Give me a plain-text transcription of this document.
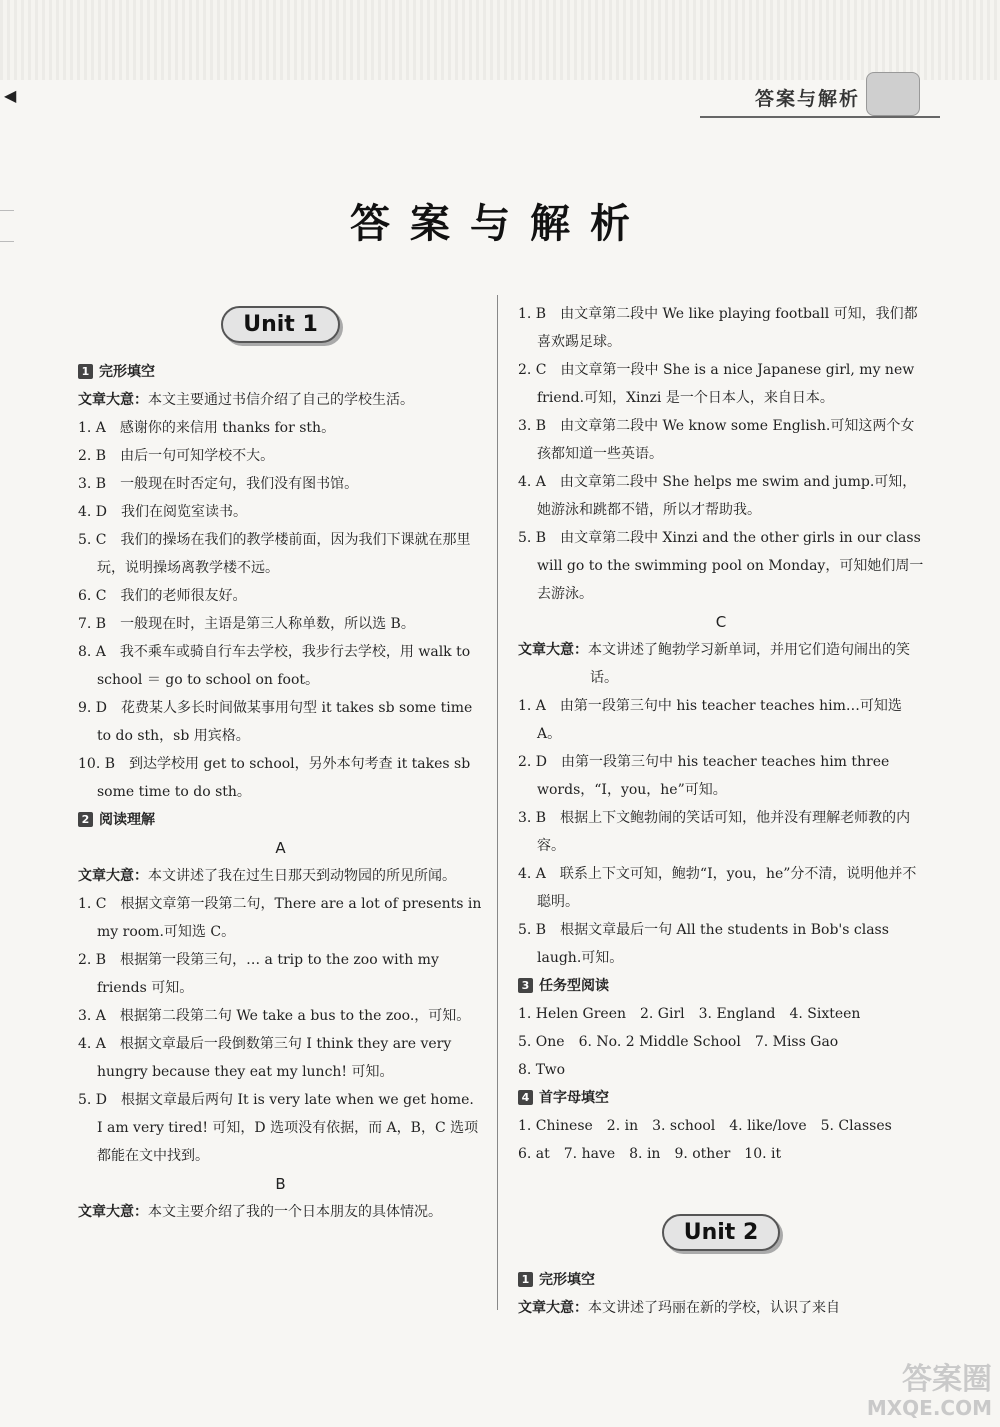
◀	答案与解析
答案与解析
Unit 1
1 完形填空
文章大意：本文主要通过书信介绍了自己的学校生活。
1. A　感谢你的来信用 thanks for sth。
2. B　由后一句可知学校不大。
3. B　一般现在时否定句，我们没有图书馆。
4. D　我们在阅览室读书。
5. C　我们的操场在我们的教学楼前面，因为我们下课就在那里玩，说明操场离教学楼不远。
6. C　我们的老师很友好。
7. B　一般现在时，主语是第三人称单数，所以选 B。
8. A　我不乘车或骑自行车去学校，我步行去学校，用 walk to school ＝ go to school on foot。
9. D　花费某人多长时间做某事用句型 it takes sb some time to do sth，sb 用宾格。
10. B　到达学校用 get to school，另外本句考查 it takes sb some time to do sth。
2 阅读理解
A
文章大意：本文讲述了我在过生日那天到动物园的所见所闻。
1. C　根据文章第一段第二句，There are a lot of presents in my room.可知选 C。
2. B　根据第一段第三句，… a trip to the zoo with my friends 可知。
3. A　根据第二段第二句 We take a bus to the zoo.，可知。
4. A　根据文章最后一段倒数第三句 I think they are very hungry because they eat my lunch! 可知。
5. D　根据文章最后两句 It is very late when we get home. I am very tired! 可知，D 选项没有依据，而 A，B，C 选项都能在文中找到。
B
文章大意：本文主要介绍了我的一个日本朋友的具体情况。
1. B　由文章第二段中 We like playing football 可知，我们都喜欢踢足球。
2. C　由文章第一段中 She is a nice Japanese girl, my new friend.可知，Xinzi 是一个日本人，来自日本。
3. B　由文章第二段中 We know some English.可知这两个女孩都知道一些英语。
4. A　由文章第二段中 She helps me swim and jump.可知，她游泳和跳都不错，所以才帮助我。
5. B　由文章第二段中 Xinzi and the other girls in our class will go to the swimming pool on Monday，可知她们周一去游泳。
C
文章大意：本文讲述了鲍勃学习新单词，并用它们造句闹出的笑话。
1. A　由第一段第三句中 his teacher teaches him…可知选 A。
2. D　由第一段第三句中 his teacher teaches him three words，“I，you，he”可知。
3. B　根据上下文鲍勃闹的笑话可知，他并没有理解老师教的内容。
4. A　联系上下文可知，鲍勃“I，you，he”分不清，说明他并不聪明。
5. B　根据文章最后一句 All the students in Bob's class laugh.可知。
3 任务型阅读
1. Helen Green　2. Girl　3. England　4. Sixteen
5. One　6. No. 2 Middle School　7. Miss Gao
8. Two
4 首字母填空
1. Chinese　2. in　3. school　4. like/love　5. Classes
6. at　7. have　8. in　9. other　10. it
Unit 2
1 完形填空
文章大意：本文讲述了玛丽在新的学校，认识了来自
答案圈
MXQE.COM
